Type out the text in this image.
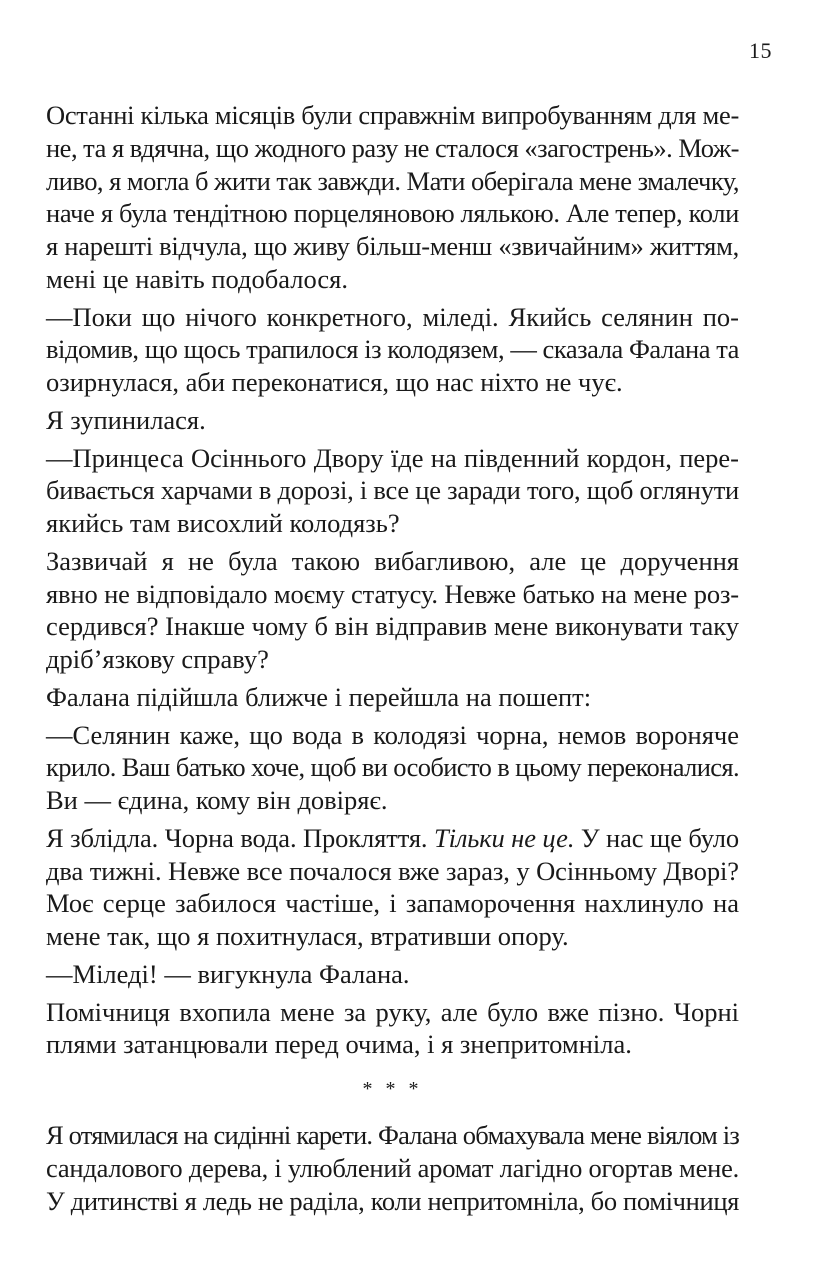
15
Останні кілька місяців були справжнім випробуванням для ме-
не, та я вдячна, що жодного разу не сталося «загострень». Мож-
ливо, я могла б жити так завжди. Мати оберігала мене змалечку,
наче я була тендітною порцеляновою лялькою. Але тепер, коли
я нарешті відчула, що живу більш-менш «звичайним» життям,
мені це навіть подобалося.
—Поки що нічого конкретного, міледі. Якийсь селянин по-
відомив, що щось трапилося із колодязем, — сказала Фалана та
озирнулася, аби переконатися, що нас ніхто не чує.
Я зупинилася.
—Принцеса Осіннього Двору їде на південний кордон, пере-
бивається харчами в дорозі, і все це заради того, щоб оглянути
якийсь там висохлий колодязь?
Зазвичай я не була такою вибагливою, але це доручення
явно не відповідало моєму статусу. Невже батько на мене роз-
сердився? Інакше чому б він відправив мене виконувати таку
дріб’язкову справу?
Фалана підійшла ближче і перейшла на пошепт:
—Селянин каже, що вода в колодязі чорна, немов вороняче
крило. Ваш батько хоче, щоб ви особисто в цьому переконалися.
Ви — єдина, кому він довіряє.
Я зблідла. Чорна вода. Прокляття. Тільки не це. У нас ще було
два тижні. Невже все почалося вже зараз, у Осінньому Дворі?
Моє серце забилося частіше, і запаморочення нахлинуло на
мене так, що я похитнулася, втративши опору.
—Міледі! — вигукнула Фалана.
Помічниця вхопила мене за руку, але було вже пізно. Чорні
плями затанцювали перед очима, і я знепритомніла.
* * *
Я отямилася на сидінні карети. Фалана обмахувала мене віялом із
сандалового дерева, і улюблений аромат лагідно огортав мене.
У дитинстві я ледь не раділа, коли непритомніла, бо помічниця
